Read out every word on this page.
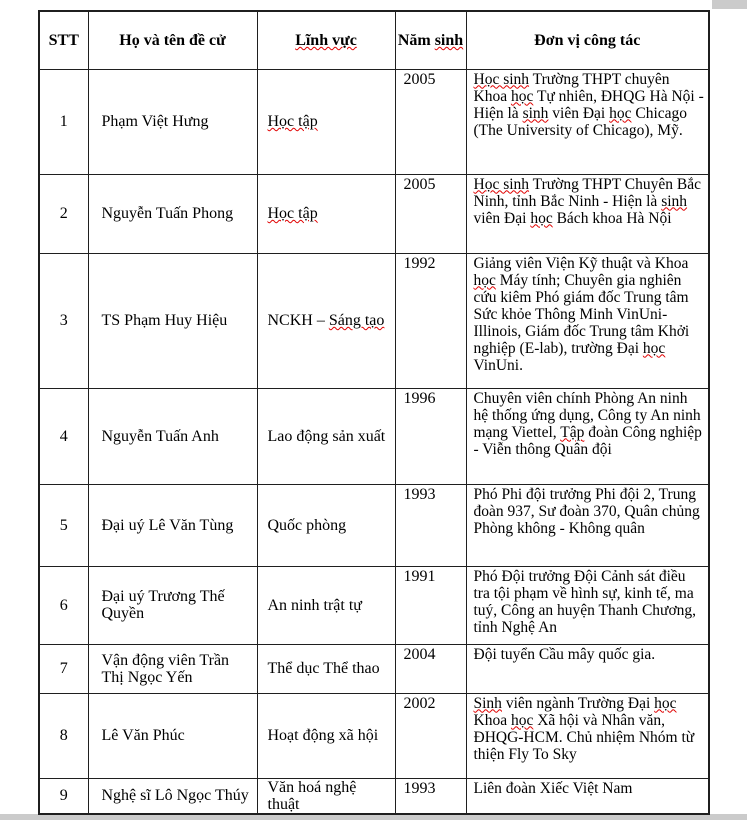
STT	Họ và tên đề cử	Lĩnh vực	Năm sinh	Đơn vị công tác
1	Phạm Việt Hưng	Học tập	2005	Học sinh Trường THPT chuyên Khoa học Tự nhiên, ĐHQG Hà Nội - Hiện là sinh viên Đại học Chicago (The University of Chicago), Mỹ.
2	Nguyễn Tuấn Phong	Học tập	2005	Học sinh Trường THPT Chuyên Bắc Ninh, tỉnh Bắc Ninh - Hiện là sinh viên Đại học Bách khoa Hà Nội
3	TS Phạm Huy Hiệu	NCKH – Sáng tạo	1992	Giảng viên Viện Kỹ thuật và Khoa học Máy tính; Chuyên gia nghiên cứu kiêm Phó giám đốc Trung tâm Sức khỏe Thông Minh VinUni-Illinois, Giám đốc Trung tâm Khởi nghiệp (E-lab), trường Đại học VinUni.
4	Nguyễn Tuấn Anh	Lao động sản xuất	1996	Chuyên viên chính Phòng An ninh hệ thống ứng dụng, Công ty An ninh mạng Viettel, Tập đoàn Công nghiệp - Viễn thông Quân đội
5	Đại uý Lê Văn Tùng	Quốc phòng	1993	Phó Phi đội trưởng Phi đội 2, Trung đoàn 937, Sư đoàn 370, Quân chủng Phòng không - Không quân
6	Đại uý Trương Thế Quyền	An ninh trật tự	1991	Phó Đội trưởng Đội Cảnh sát điều tra tội phạm về hình sự, kinh tế, ma tuý, Công an huyện Thanh Chương, tỉnh Nghệ An
7	Vận động viên Trần Thị Ngọc Yến	Thể dục Thể thao	2004	Đội tuyển Cầu mây quốc gia.
8	Lê Văn Phúc	Hoạt động xã hội	2002	Sinh viên ngành Trường Đại học Khoa học Xã hội và Nhân văn, ĐHQG-HCM. Chủ nhiệm Nhóm từ thiện Fly To Sky
9	Nghệ sĩ Lô Ngọc Thúy	Văn hoá nghệ thuật	1993	Liên đoàn Xiếc Việt Nam
